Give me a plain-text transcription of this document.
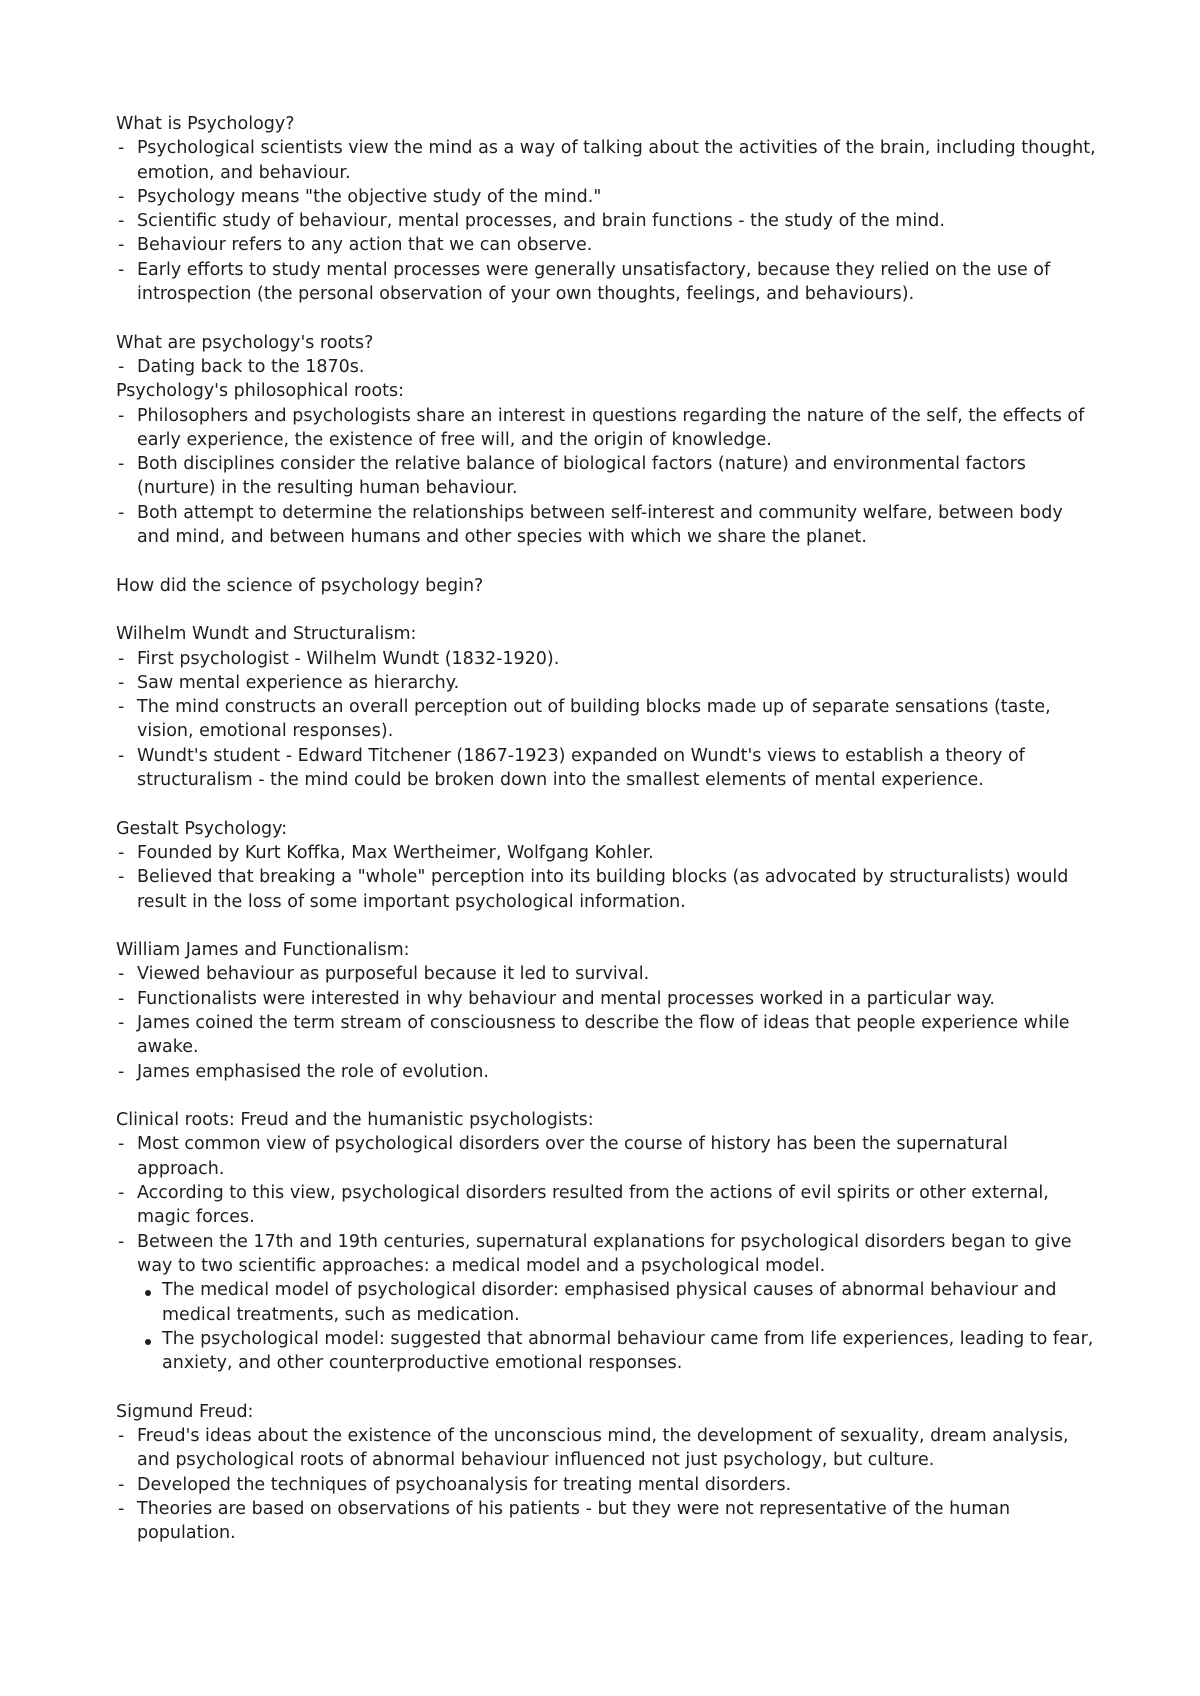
What is Psychology?

- Psychological scientists view the mind as a way of talking about the activities of the brain, including thought, emotion, and behaviour.
- Psychology means "the objective study of the mind."
- Scientific study of behaviour, mental processes, and brain functions - the study of the mind.
- Behaviour refers to any action that we can observe.
- Early efforts to study mental processes were generally unsatisfactory, because they relied on the use of introspection (the personal observation of your own thoughts, feelings, and behaviours).

What are psychology's roots?

- Dating back to the 1870s.

Psychology's philosophical roots:

- Philosophers and psychologists share an interest in questions regarding the nature of the self, the effects of early experience, the existence of free will, and the origin of knowledge.
- Both disciplines consider the relative balance of biological factors (nature) and environmental factors (nurture) in the resulting human behaviour.
- Both attempt to determine the relationships between self-interest and community welfare, between body and mind, and between humans and other species with which we share the planet.

How did the science of psychology begin?

Wilhelm Wundt and Structuralism:

- First psychologist - Wilhelm Wundt (1832-1920).
- Saw mental experience as hierarchy.
- The mind constructs an overall perception out of building blocks made up of separate sensations (taste, vision, emotional responses).
- Wundt's student - Edward Titchener (1867-1923) expanded on Wundt's views to establish a theory of structuralism - the mind could be broken down into the smallest elements of mental experience.

Gestalt Psychology:

- Founded by Kurt Koffka, Max Wertheimer, Wolfgang Kohler.
- Believed that breaking a "whole" perception into its building blocks (as advocated by structuralists) would result in the loss of some important psychological information.

William James and Functionalism:

- Viewed behaviour as purposeful because it led to survival.
- Functionalists were interested in why behaviour and mental processes worked in a particular way.
- James coined the term stream of consciousness to describe the flow of ideas that people experience while awake.
- James emphasised the role of evolution.

Clinical roots: Freud and the humanistic psychologists:

- Most common view of psychological disorders over the course of history has been the supernatural approach.
- According to this view, psychological disorders resulted from the actions of evil spirits or other external, magic forces.
- Between the 17th and 19th centuries, supernatural explanations for psychological disorders began to give way to two scientific approaches: a medical model and a psychological model.
The medical model of psychological disorder: emphasised physical causes of abnormal behaviour and medical treatments, such as medication.
The psychological model: suggested that abnormal behaviour came from life experiences, leading to fear, anxiety, and other counterproductive emotional responses.

Sigmund Freud:

- Freud's ideas about the existence of the unconscious mind, the development of sexuality, dream analysis, and psychological roots of abnormal behaviour influenced not just psychology, but culture.
- Developed the techniques of psychoanalysis for treating mental disorders.
- Theories are based on observations of his patients - but they were not representative of the human population.
